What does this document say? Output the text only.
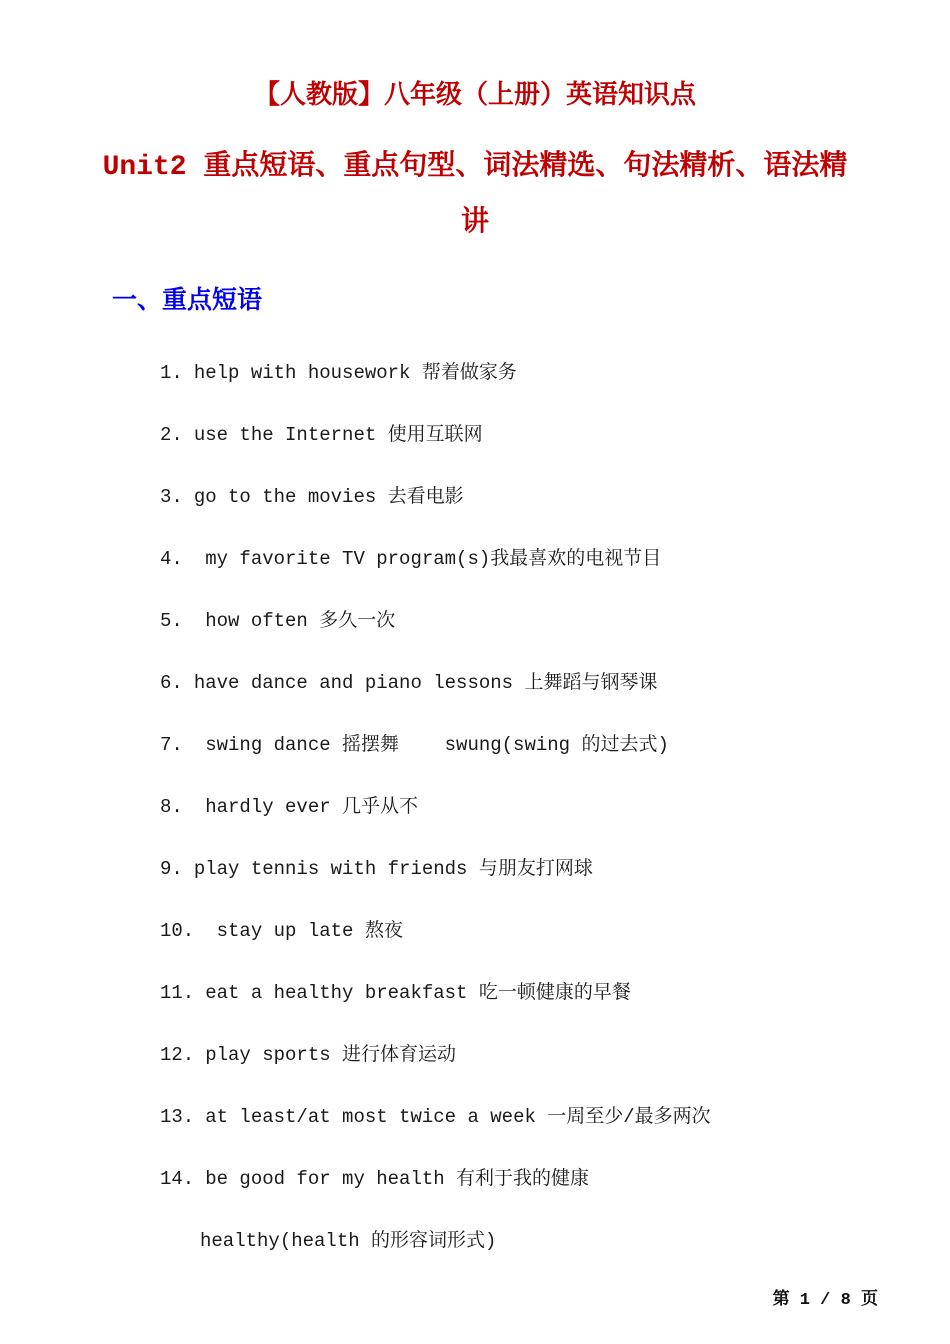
【人教版】八年级（上册）英语知识点
Unit2 重点短语、重点句型、词法精选、句法精析、语法精讲
一、重点短语
1. help with housework 帮着做家务
2. use the Internet 使用互联网
3. go to the movies 去看电影
4. my favorite TV program(s)我最喜欢的电视节目
5. how often 多久一次
6. have dance and piano lessons 上舞蹈与钢琴课
7. swing dance 摇摆舞    swung(swing 的过去式)
8. hardly ever 几乎从不
9. play tennis with friends 与朋友打网球
10. stay up late 熬夜
11. eat a healthy breakfast 吃一顿健康的早餐
12. play sports 进行体育运动
13. at least/at most twice a week 一周至少/最多两次
14. be good for my health 有利于我的健康
healthy(health 的形容词形式)
第 1 / 8 页
